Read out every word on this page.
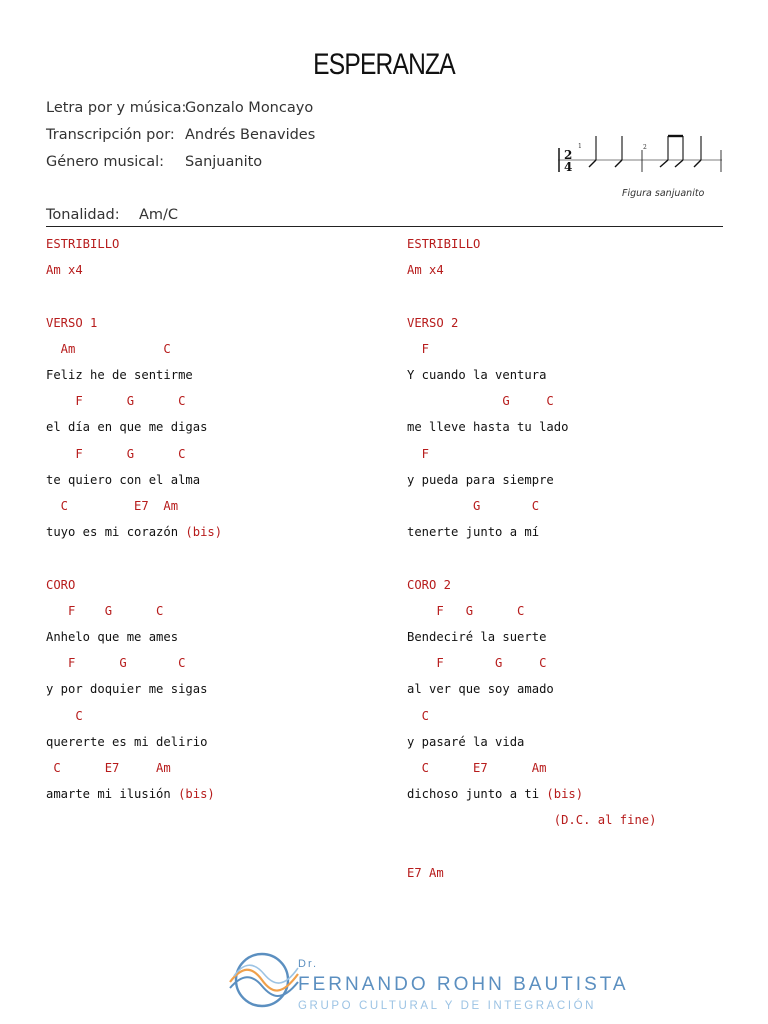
ESPERANZA
Letra por y música:
Gonzalo Moncayo
Transcripción por: Andrés Benavides
Género musical: Sanjuanito
Tonalidad: Am/C
2
4
1	2
Figura sanjuanito
ESTRIBILLO
Am x4
VERSO 1
Am            C
Feliz he de sentirme
F      G      C
el día en que me digas
F      G      C
te quiero con el alma
C         E7  Am
tuyo es mi corazón (bis)
CORO
F    G      C
Anhelo que me ames
F      G       C
y por doquier me sigas
C
quererte es mi delirio
C      E7     Am
amarte mi ilusión (bis)
ESTRIBILLO
Am x4
VERSO 2
F
Y cuando la ventura
G     C
me lleve hasta tu lado
F
y pueda para siempre
G       C
tenerte junto a mí
CORO 2
F   G      C
Bendeciré la suerte
F       G     C
al ver que soy amado
C
y pasaré la vida
C      E7      Am
dichoso junto a ti (bis)
(D.C. al fine)
E7 Am
Dr.
FERNANDO ROHN BAUTISTA
GRUPO CULTURAL Y DE INTEGRACIÓN
